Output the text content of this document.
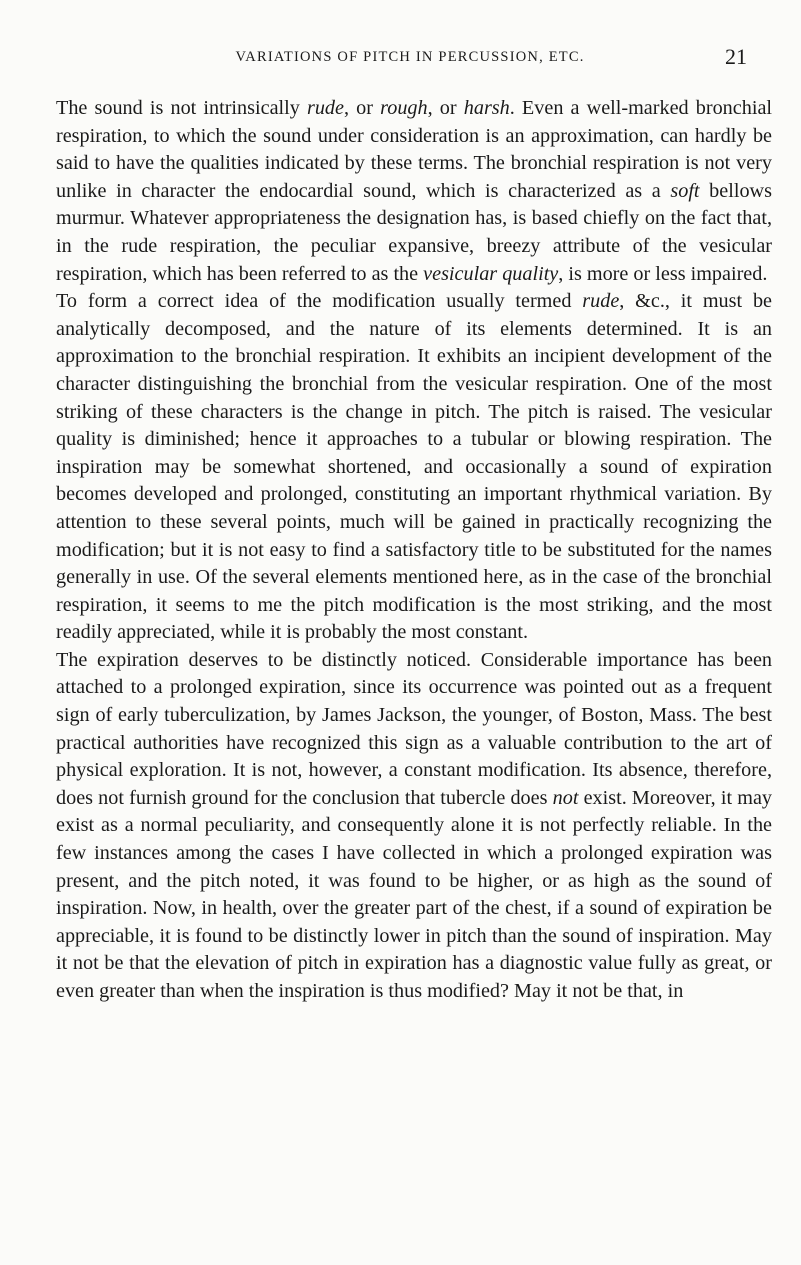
VARIATIONS OF PITCH IN PERCUSSION, ETC.	21

The sound is not intrinsically rude, or rough, or harsh. Even a well-marked bronchial respiration, to which the sound under consideration is an approximation, can hardly be said to have the qualities indicated by these terms. The bronchial respiration is not very unlike in character the endocardial sound, which is characterized as a soft bellows murmur. Whatever appropriateness the designation has, is based chiefly on the fact that, in the rude respiration, the peculiar expansive, breezy attribute of the vesicular respiration, which has been referred to as the vesicular quality, is more or less impaired.

To form a correct idea of the modification usually termed rude, &c., it must be analytically decomposed, and the nature of its elements determined. It is an approximation to the bronchial respiration. It exhibits an incipient development of the character distinguishing the bronchial from the vesicular respiration. One of the most striking of these characters is the change in pitch. The pitch is raised. The vesicular quality is diminished; hence it approaches to a tubular or blowing respiration. The inspiration may be somewhat shortened, and occasionally a sound of expiration becomes developed and prolonged, constituting an important rhythmical variation. By attention to these several points, much will be gained in practically recognizing the modification; but it is not easy to find a satisfactory title to be substituted for the names generally in use. Of the several elements mentioned here, as in the case of the bronchial respiration, it seems to me the pitch modification is the most striking, and the most readily appreciated, while it is probably the most constant.

The expiration deserves to be distinctly noticed. Considerable importance has been attached to a prolonged expiration, since its occurrence was pointed out as a frequent sign of early tuberculization, by James Jackson, the younger, of Boston, Mass. The best practical authorities have recognized this sign as a valuable contribution to the art of physical exploration. It is not, however, a constant modification. Its absence, therefore, does not furnish ground for the conclusion that tubercle does not exist. Moreover, it may exist as a normal peculiarity, and consequently alone it is not perfectly reliable. In the few instances among the cases I have collected in which a prolonged expiration was present, and the pitch noted, it was found to be higher, or as high as the sound of inspiration. Now, in health, over the greater part of the chest, if a sound of expiration be appreciable, it is found to be distinctly lower in pitch than the sound of inspiration. May it not be that the elevation of pitch in expiration has a diagnostic value fully as great, or even greater than when the inspiration is thus modified? May it not be that, in
